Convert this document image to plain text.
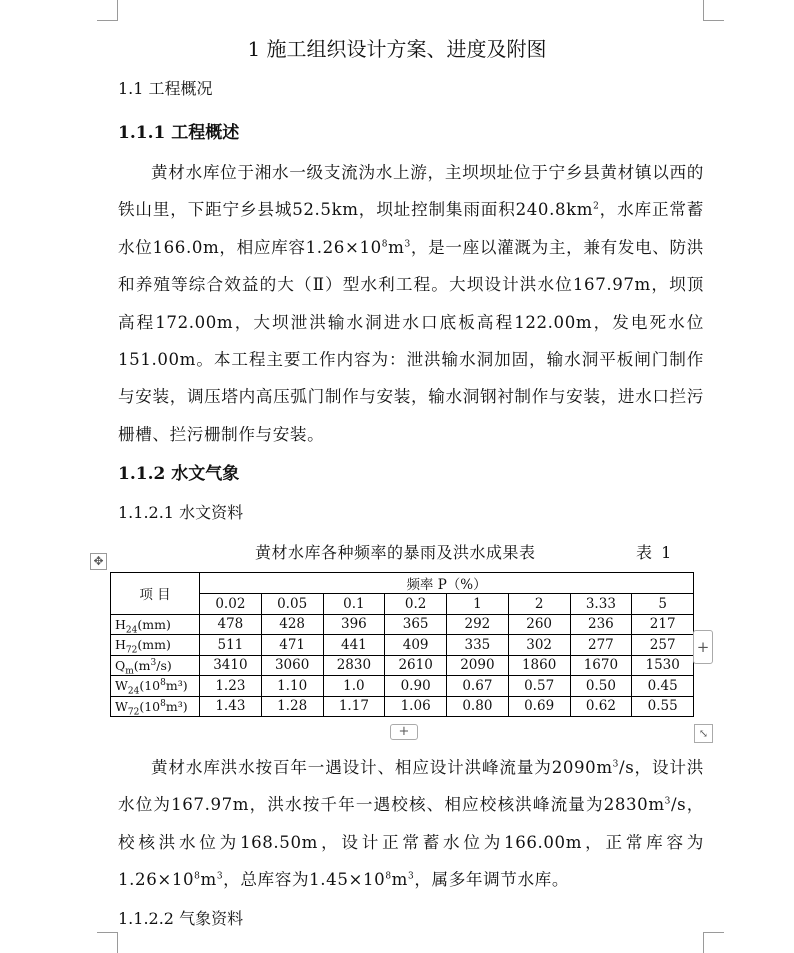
1 施工组织设计方案、进度及附图
1.1 工程概况
1.1.1 工程概述
黄材水库位于湘水一级支流沩水上游，主坝坝址位于宁乡县黄材镇以西的铁山里，下距宁乡县城52.5km，坝址控制集雨面积$240.8km^2$，水库正常蓄水位166.0m，相应库容$1.26\times 10^8m^3$，是一座以灌溉为主，兼有发电、防洪和养殖等综合效益的大（Ⅱ）型水利工程。大坝设计洪水位167.97m，坝顶高程172.00m，大坝泄洪输水洞进水口底板高程122.00m，发电死水位151.00m。本工程主要工作内容为：泄洪输水洞加固，输水洞平板闸门制作与安装，调压塔内高压弧门制作与安装，输水洞钢衬制作与安装，进水口拦污栅槽、拦污栅制作与安装。
1.1.2 水文气象
1.1.2.1 水文资料
黄材水库各种频率的暴雨及洪水成果表	表 1
✥
项 目	频率 P（%）							
	0.02	0.05	0.1	0.2	1	2	3.33	5
$H_{24}(mm)$	478	428	396	365	292	260	236	217
$H_{72}(mm)$	511	471	441	409	335	302	277	257
$Q_m(m^3/s)$	3410	3060	2830	2610	2090	1860	1670	1530
$W_{24}(10^8m^3)$	1.23	1.10	1.0	0.90	0.67	0.57	0.50	0.45
$W_{72}(10^8m^3)$	1.43	1.28	1.17	1.06	0.80	0.69	0.62	0.55
+
+	⤡
黄材水库洪水按百年一遇设计、相应设计洪峰流量为$2090m^3/s$，设计洪水位为167.97m，洪水按千年一遇校核、相应校核洪峰流量为$2830m^3/s$，校核洪水位为168.50m，设计正常蓄水位为166.00m，正常库容为$1.26\times 10^8m^3$，总库容为$1.45\times 10^8m^3$，属多年调节水库。
1.1.2.2 气象资料
